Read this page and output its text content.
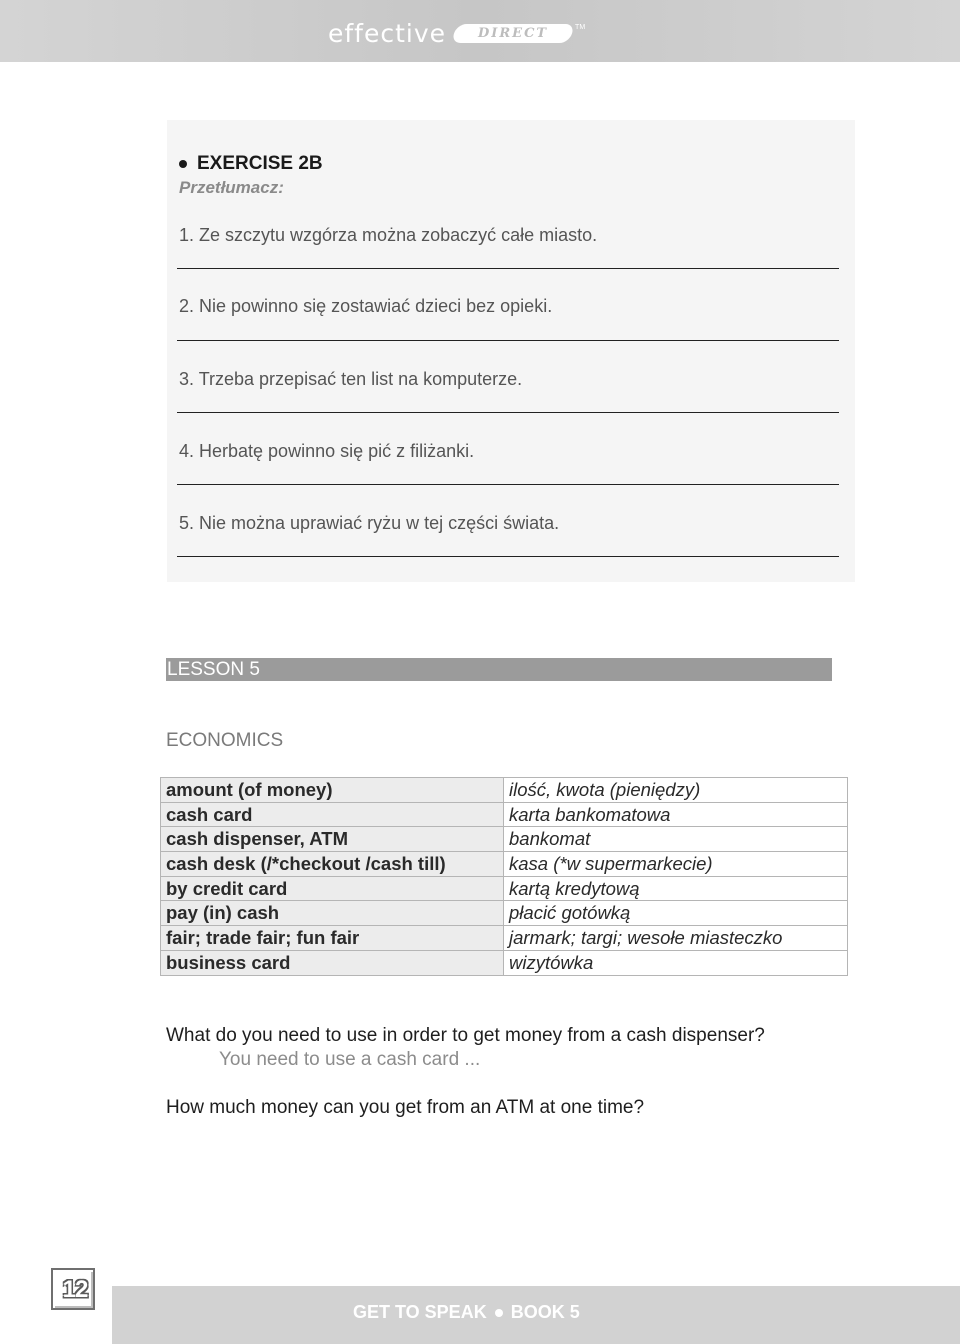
effective DIRECT	TM
EXERCISE 2B
Przetłumacz:
1. Ze szczytu wzgórza można zobaczyć całe miasto.
2. Nie powinno się zostawiać dzieci bez opieki.
3. Trzeba przepisać ten list na komputerze.
4. Herbatę powinno się pić z filiżanki.
5. Nie można uprawiać ryżu w tej części świata.
LESSON 5
ECONOMICS
amount (of money)	ilość, kwota (pieniędzy)
cash card	karta bankomatowa
cash dispenser, ATM	bankomat
cash desk (/*checkout /cash till)	kasa (*w supermarkecie)
by credit card	kartą kredytową
pay (in) cash	płacić gotówką
fair; trade fair; fun fair	jarmark; targi; wesołe miasteczko
business card	wizytówka
What do you need to use in order to get money from a cash dispenser?
You need to use a cash card ...
How much money can you get from an ATM at one time?
12
GET TO SPEAK BOOK 5
